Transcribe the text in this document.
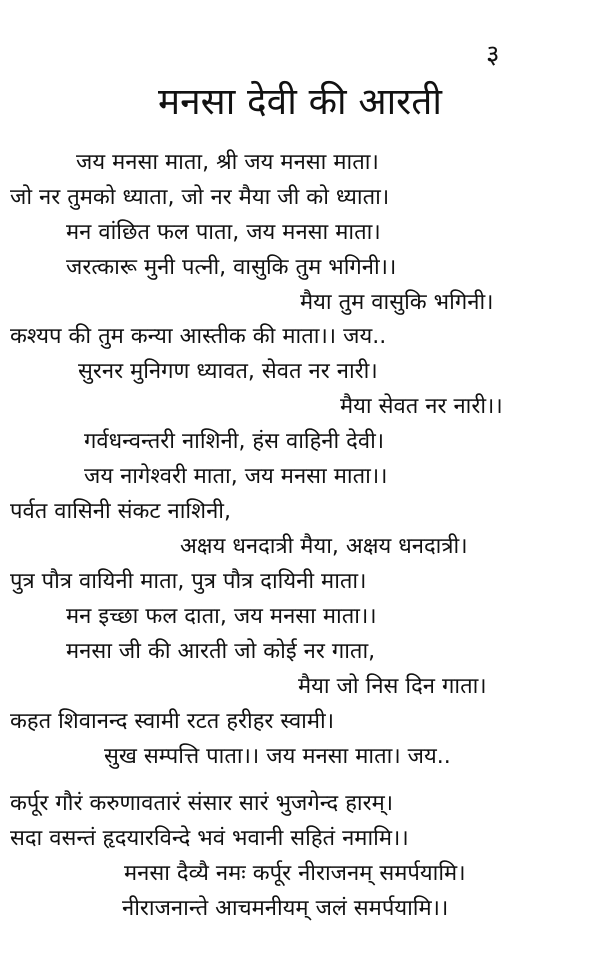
३
मनसा देवी की आरती
जय मनसा माता, श्री जय मनसा माता।
जो नर तुमको ध्याता, जो नर मैया जी को ध्याता।
मन वांछित फल पाता, जय मनसा माता।
जरत्कारू मुनी पत्नी, वासुकि तुम भगिनी।।
मैया तुम वासुकि भगिनी।
कश्यप की तुम कन्या आस्तीक की माता।। जय..
सुरनर मुनिगण ध्यावत, सेवत नर नारी।
मैया सेवत नर नारी।।
गर्वधन्वन्तरी नाशिनी, हंस वाहिनी देवी।
जय नागेश्वरी माता, जय मनसा माता।।
पर्वत वासिनी संकट नाशिनी,
अक्षय धनदात्री मैया, अक्षय धनदात्री।
पुत्र पौत्र वायिनी माता, पुत्र पौत्र दायिनी माता।
मन इच्छा फल दाता, जय मनसा माता।।
मनसा जी की आरती जो कोई नर गाता,
मैया जो निस दिन गाता।
कहत शिवानन्द स्वामी रटत हरीहर स्वामी।
सुख सम्पत्ति पाता।। जय मनसा माता। जय..
कर्पूर गौरं करुणावतारं संसार सारं भुजगेन्द हारम्।
सदा वसन्तं हृदयारविन्दे भवं भवानी सहितं नमामि।।
मनसा दैव्यै नमः कर्पूर नीराजनम् समर्पयामि।
नीराजनान्ते आचमनीयम् जलं समर्पयामि।।
